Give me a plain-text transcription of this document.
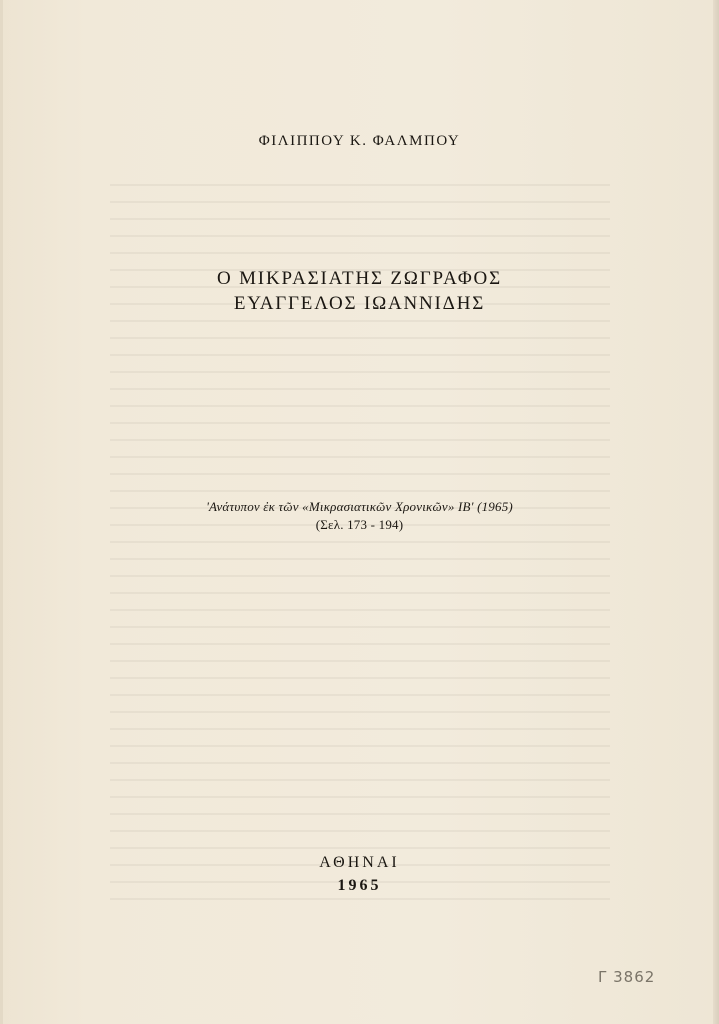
ΦΙΛΙΠΠΟΥ Κ. ΦΑΛΜΠΟΥ
Ο ΜΙΚΡΑΣΙΑΤΗΣ ΖΩΓΡΑΦΟΣ
ΕΥΑΓΓΕΛΟΣ ΙΩΑΝΝΙΔΗΣ
'Ανάτυπον ἐκ τῶν «Μικρασιατικῶν Χρονικῶν» ΙΒ' (1965)
(Σελ. 173 - 194)
ΑΘΗΝΑΙ
1965
Γ 3862
